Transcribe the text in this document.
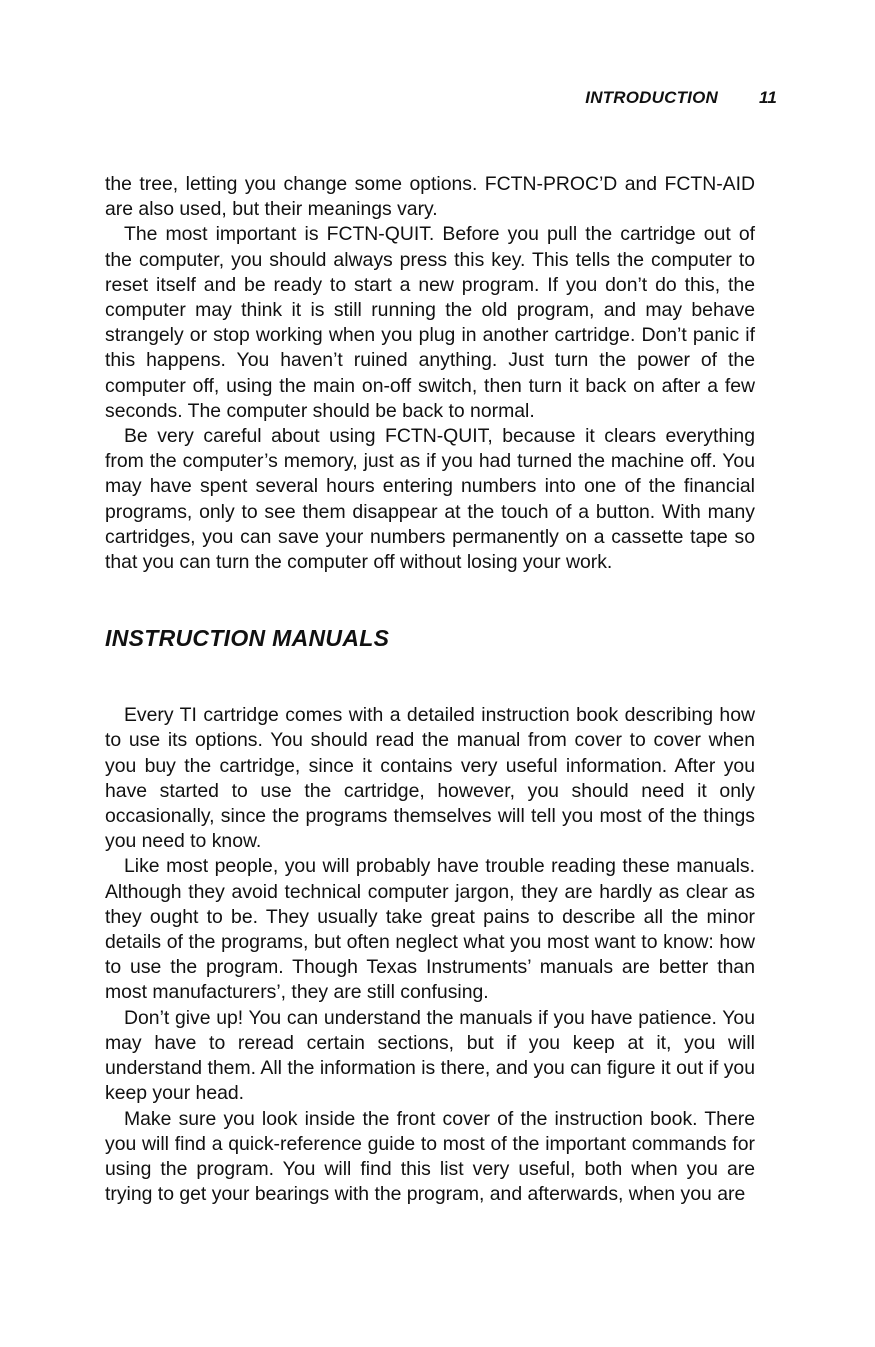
INTRODUCTION 11

the tree, letting you change some options. FCTN-PROC’D and FCTN-AID are also used, but their meanings vary.

The most important is FCTN-QUIT. Before you pull the cartridge out of the computer, you should always press this key. This tells the computer to reset itself and be ready to start a new program. If you don’t do this, the computer may think it is still running the old program, and may behave strangely or stop working when you plug in another cartridge. Don’t panic if this happens. You haven’t ruined anything. Just turn the power of the computer off, using the main on-off switch, then turn it back on after a few seconds. The computer should be back to normal.

Be very careful about using FCTN-QUIT, because it clears everything from the computer’s memory, just as if you had turned the machine off. You may have spent several hours entering numbers into one of the financial programs, only to see them disappear at the touch of a button. With many cartridges, you can save your numbers permanently on a cassette tape so that you can turn the computer off without losing your work.

INSTRUCTION MANUALS

Every TI cartridge comes with a detailed instruction book describing how to use its options. You should read the manual from cover to cover when you buy the cartridge, since it contains very useful information. After you have started to use the cartridge, however, you should need it only occasionally, since the programs themselves will tell you most of the things you need to know.

Like most people, you will probably have trouble reading these manuals. Although they avoid technical computer jargon, they are hardly as clear as they ought to be. They usually take great pains to describe all the minor details of the programs, but often neglect what you most want to know: how to use the program. Though Texas Instruments’ manuals are better than most manufacturers’, they are still confusing.

Don’t give up! You can understand the manuals if you have patience. You may have to reread certain sections, but if you keep at it, you will understand them. All the information is there, and you can figure it out if you keep your head.

Make sure you look inside the front cover of the instruction book. There you will find a quick-reference guide to most of the important commands for using the program. You will find this list very useful, both when you are trying to get your bearings with the program, and afterwards, when you are
